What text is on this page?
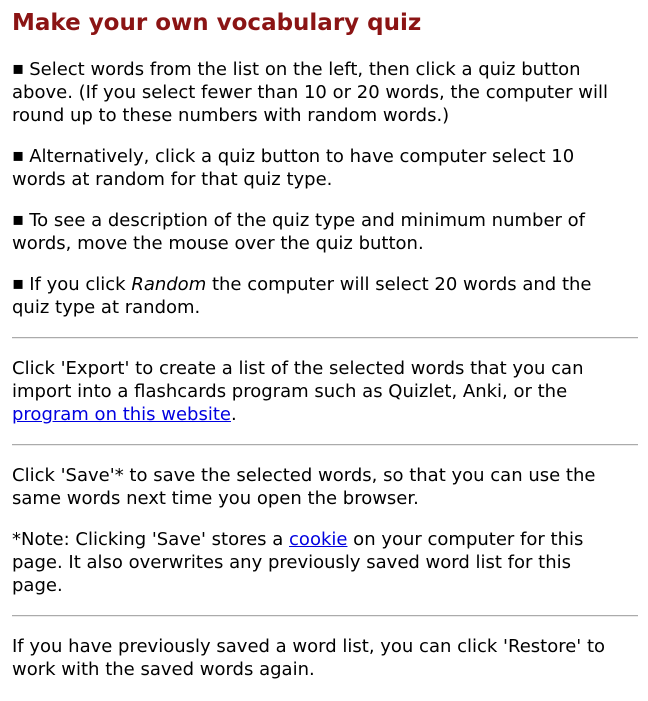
Make your own vocabulary quiz

▪ Select words from the list on the left, then click a quiz button above. (If you select fewer than 10 or 20 words, the computer will round up to these numbers with random words.)

▪ Alternatively, click a quiz button to have computer select 10 words at random for that quiz type.

▪ To see a description of the quiz type and minimum number of words, move the mouse over the quiz button.

▪ If you click Random the computer will select 20 words and the quiz type at random.

Click 'Export' to create a list of the selected words that you can import into a flashcards program such as Quizlet, Anki, or the program on this website.

Click 'Save'* to save the selected words, so that you can use the same words next time you open the browser.

*Note: Clicking 'Save' stores a cookie on your computer for this page. It also overwrites any previously saved word list for this page.

If you have previously saved a word list, you can click 'Restore' to work with the saved words again.
